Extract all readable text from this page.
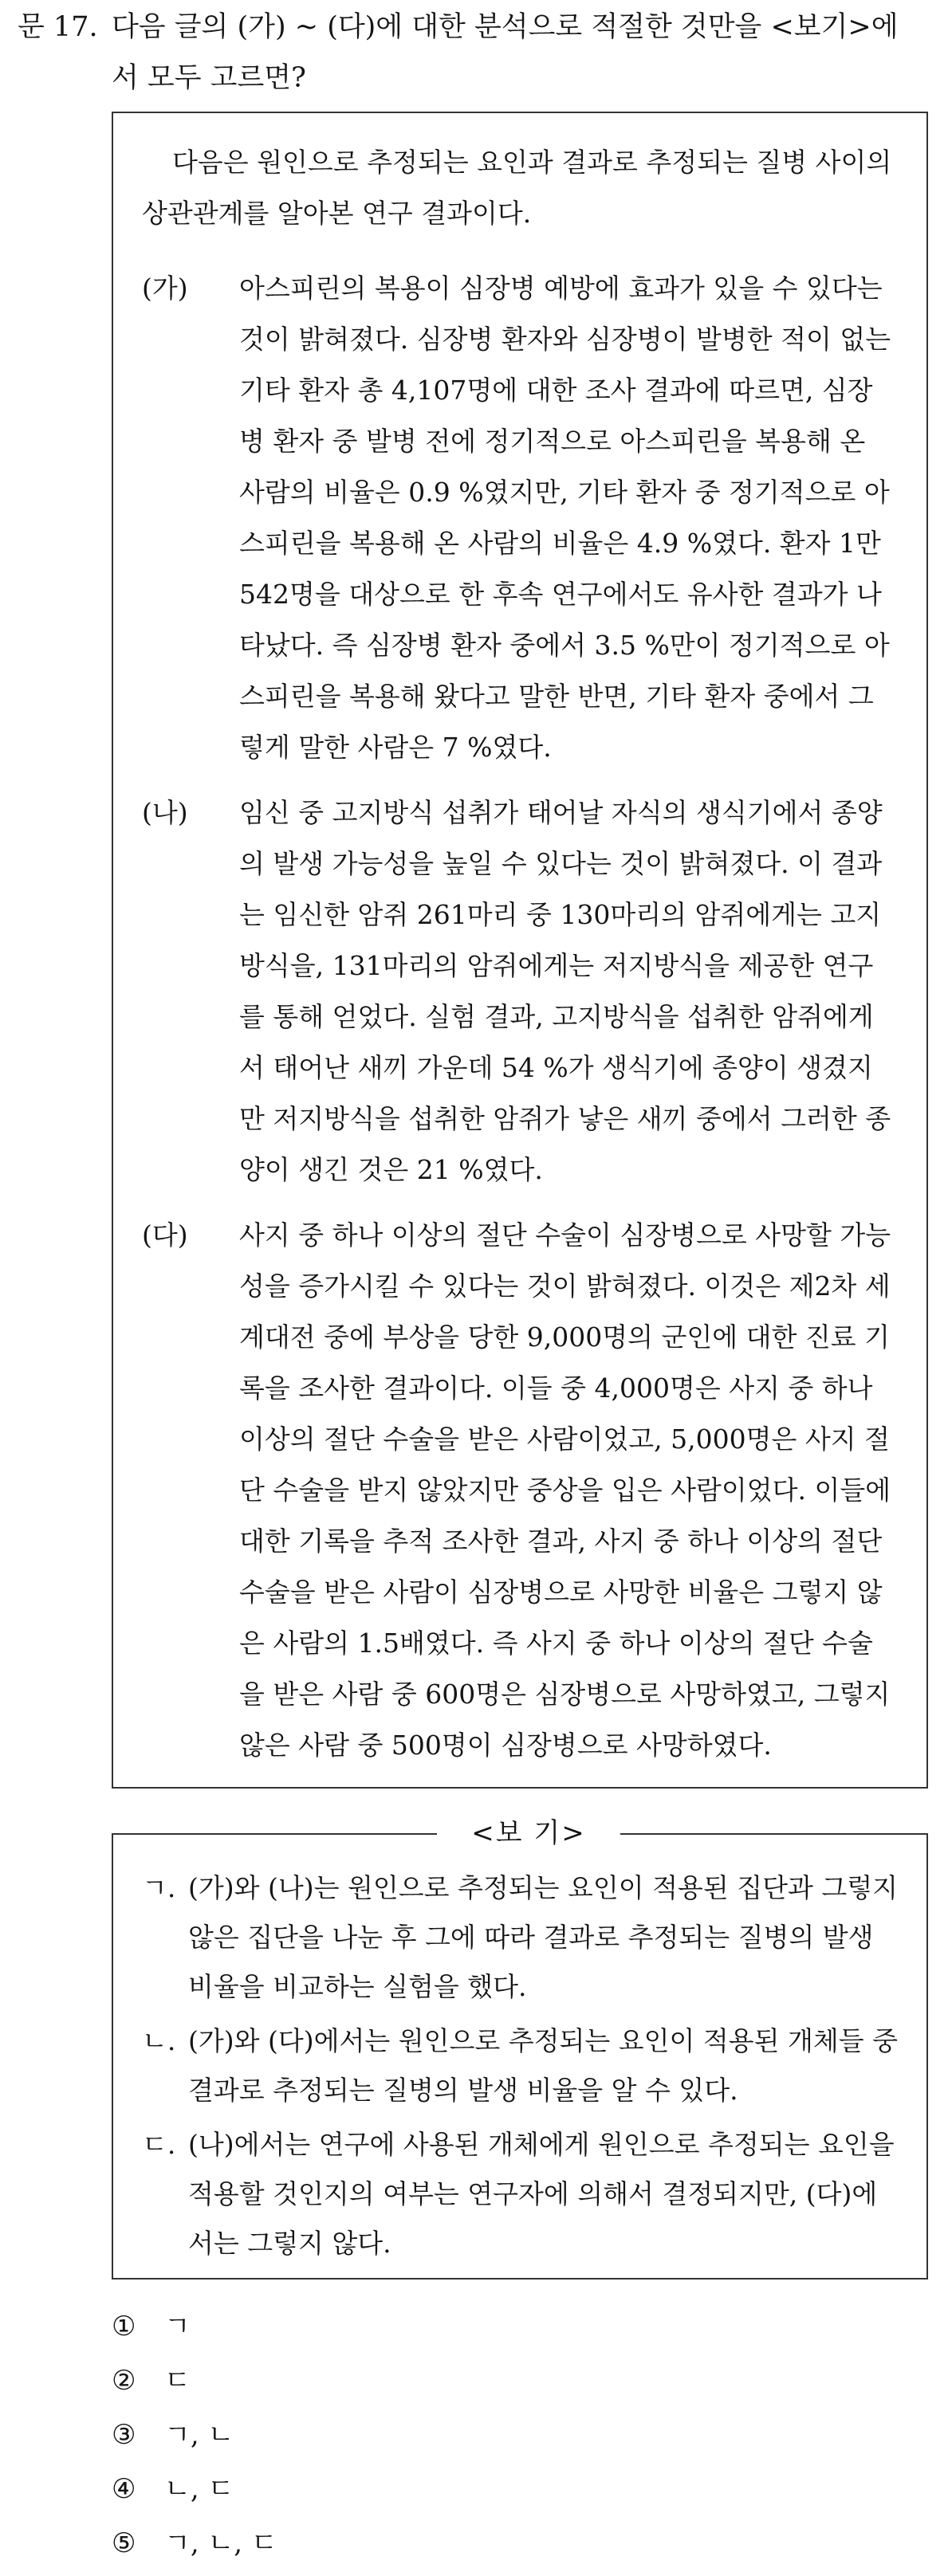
문 17. 다음 글의 (가) ~ (다)에 대한 분석으로 적절한 것만을 <보기>에서 모두 고르면?
다음은 원인으로 추정되는 요인과 결과로 추정되는 질병 사이의 상관관계를 알아본 연구 결과이다.
(가)	아스피린의 복용이 심장병 예방에 효과가 있을 수 있다는 것이 밝혀졌다. 심장병 환자와 심장병이 발병한 적이 없는 기타 환자 총 4,107명에 대한 조사 결과에 따르면, 심장병 환자 중 발병 전에 정기적으로 아스피린을 복용해 온 사람의 비율은 0.9 %였지만, 기타 환자 중 정기적으로 아스피린을 복용해 온 사람의 비율은 4.9 %였다. 환자 1만 542명을 대상으로 한 후속 연구에서도 유사한 결과가 나타났다. 즉 심장병 환자 중에서 3.5 %만이 정기적으로 아스피린을 복용해 왔다고 말한 반면, 기타 환자 중에서 그렇게 말한 사람은 7 %였다.
(나)	임신 중 고지방식 섭취가 태어날 자식의 생식기에서 종양의 발생 가능성을 높일 수 있다는 것이 밝혀졌다. 이 결과는 임신한 암쥐 261마리 중 130마리의 암쥐에게는 고지방식을, 131마리의 암쥐에게는 저지방식을 제공한 연구를 통해 얻었다. 실험 결과, 고지방식을 섭취한 암쥐에게서 태어난 새끼 가운데 54 %가 생식기에 종양이 생겼지만 저지방식을 섭취한 암쥐가 낳은 새끼 중에서 그러한 종양이 생긴 것은 21 %였다.
(다)	사지 중 하나 이상의 절단 수술이 심장병으로 사망할 가능성을 증가시킬 수 있다는 것이 밝혀졌다. 이것은 제2차 세계대전 중에 부상을 당한 9,000명의 군인에 대한 진료 기록을 조사한 결과이다. 이들 중 4,000명은 사지 중 하나 이상의 절단 수술을 받은 사람이었고, 5,000명은 사지 절단 수술을 받지 않았지만 중상을 입은 사람이었다. 이들에 대한 기록을 추적 조사한 결과, 사지 중 하나 이상의 절단 수술을 받은 사람이 심장병으로 사망한 비율은 그렇지 않은 사람의 1.5배였다. 즉 사지 중 하나 이상의 절단 수술을 받은 사람 중 600명은 심장병으로 사망하였고, 그렇지 않은 사람 중 500명이 심장병으로 사망하였다.
<보 기>
ㄱ. (가)와 (나)는 원인으로 추정되는 요인이 적용된 집단과 그렇지 않은 집단을 나눈 후 그에 따라 결과로 추정되는 질병의 발생 비율을 비교하는 실험을 했다.
ㄴ. (가)와 (다)에서는 원인으로 추정되는 요인이 적용된 개체들 중 결과로 추정되는 질병의 발생 비율을 알 수 있다.
ㄷ. (나)에서는 연구에 사용된 개체에게 원인으로 추정되는 요인을 적용할 것인지의 여부는 연구자에 의해서 결정되지만, (다)에서는 그렇지 않다.
① ㄱ
② ㄷ
③ ㄱ, ㄴ
④ ㄴ, ㄷ
⑤ ㄱ, ㄴ, ㄷ
